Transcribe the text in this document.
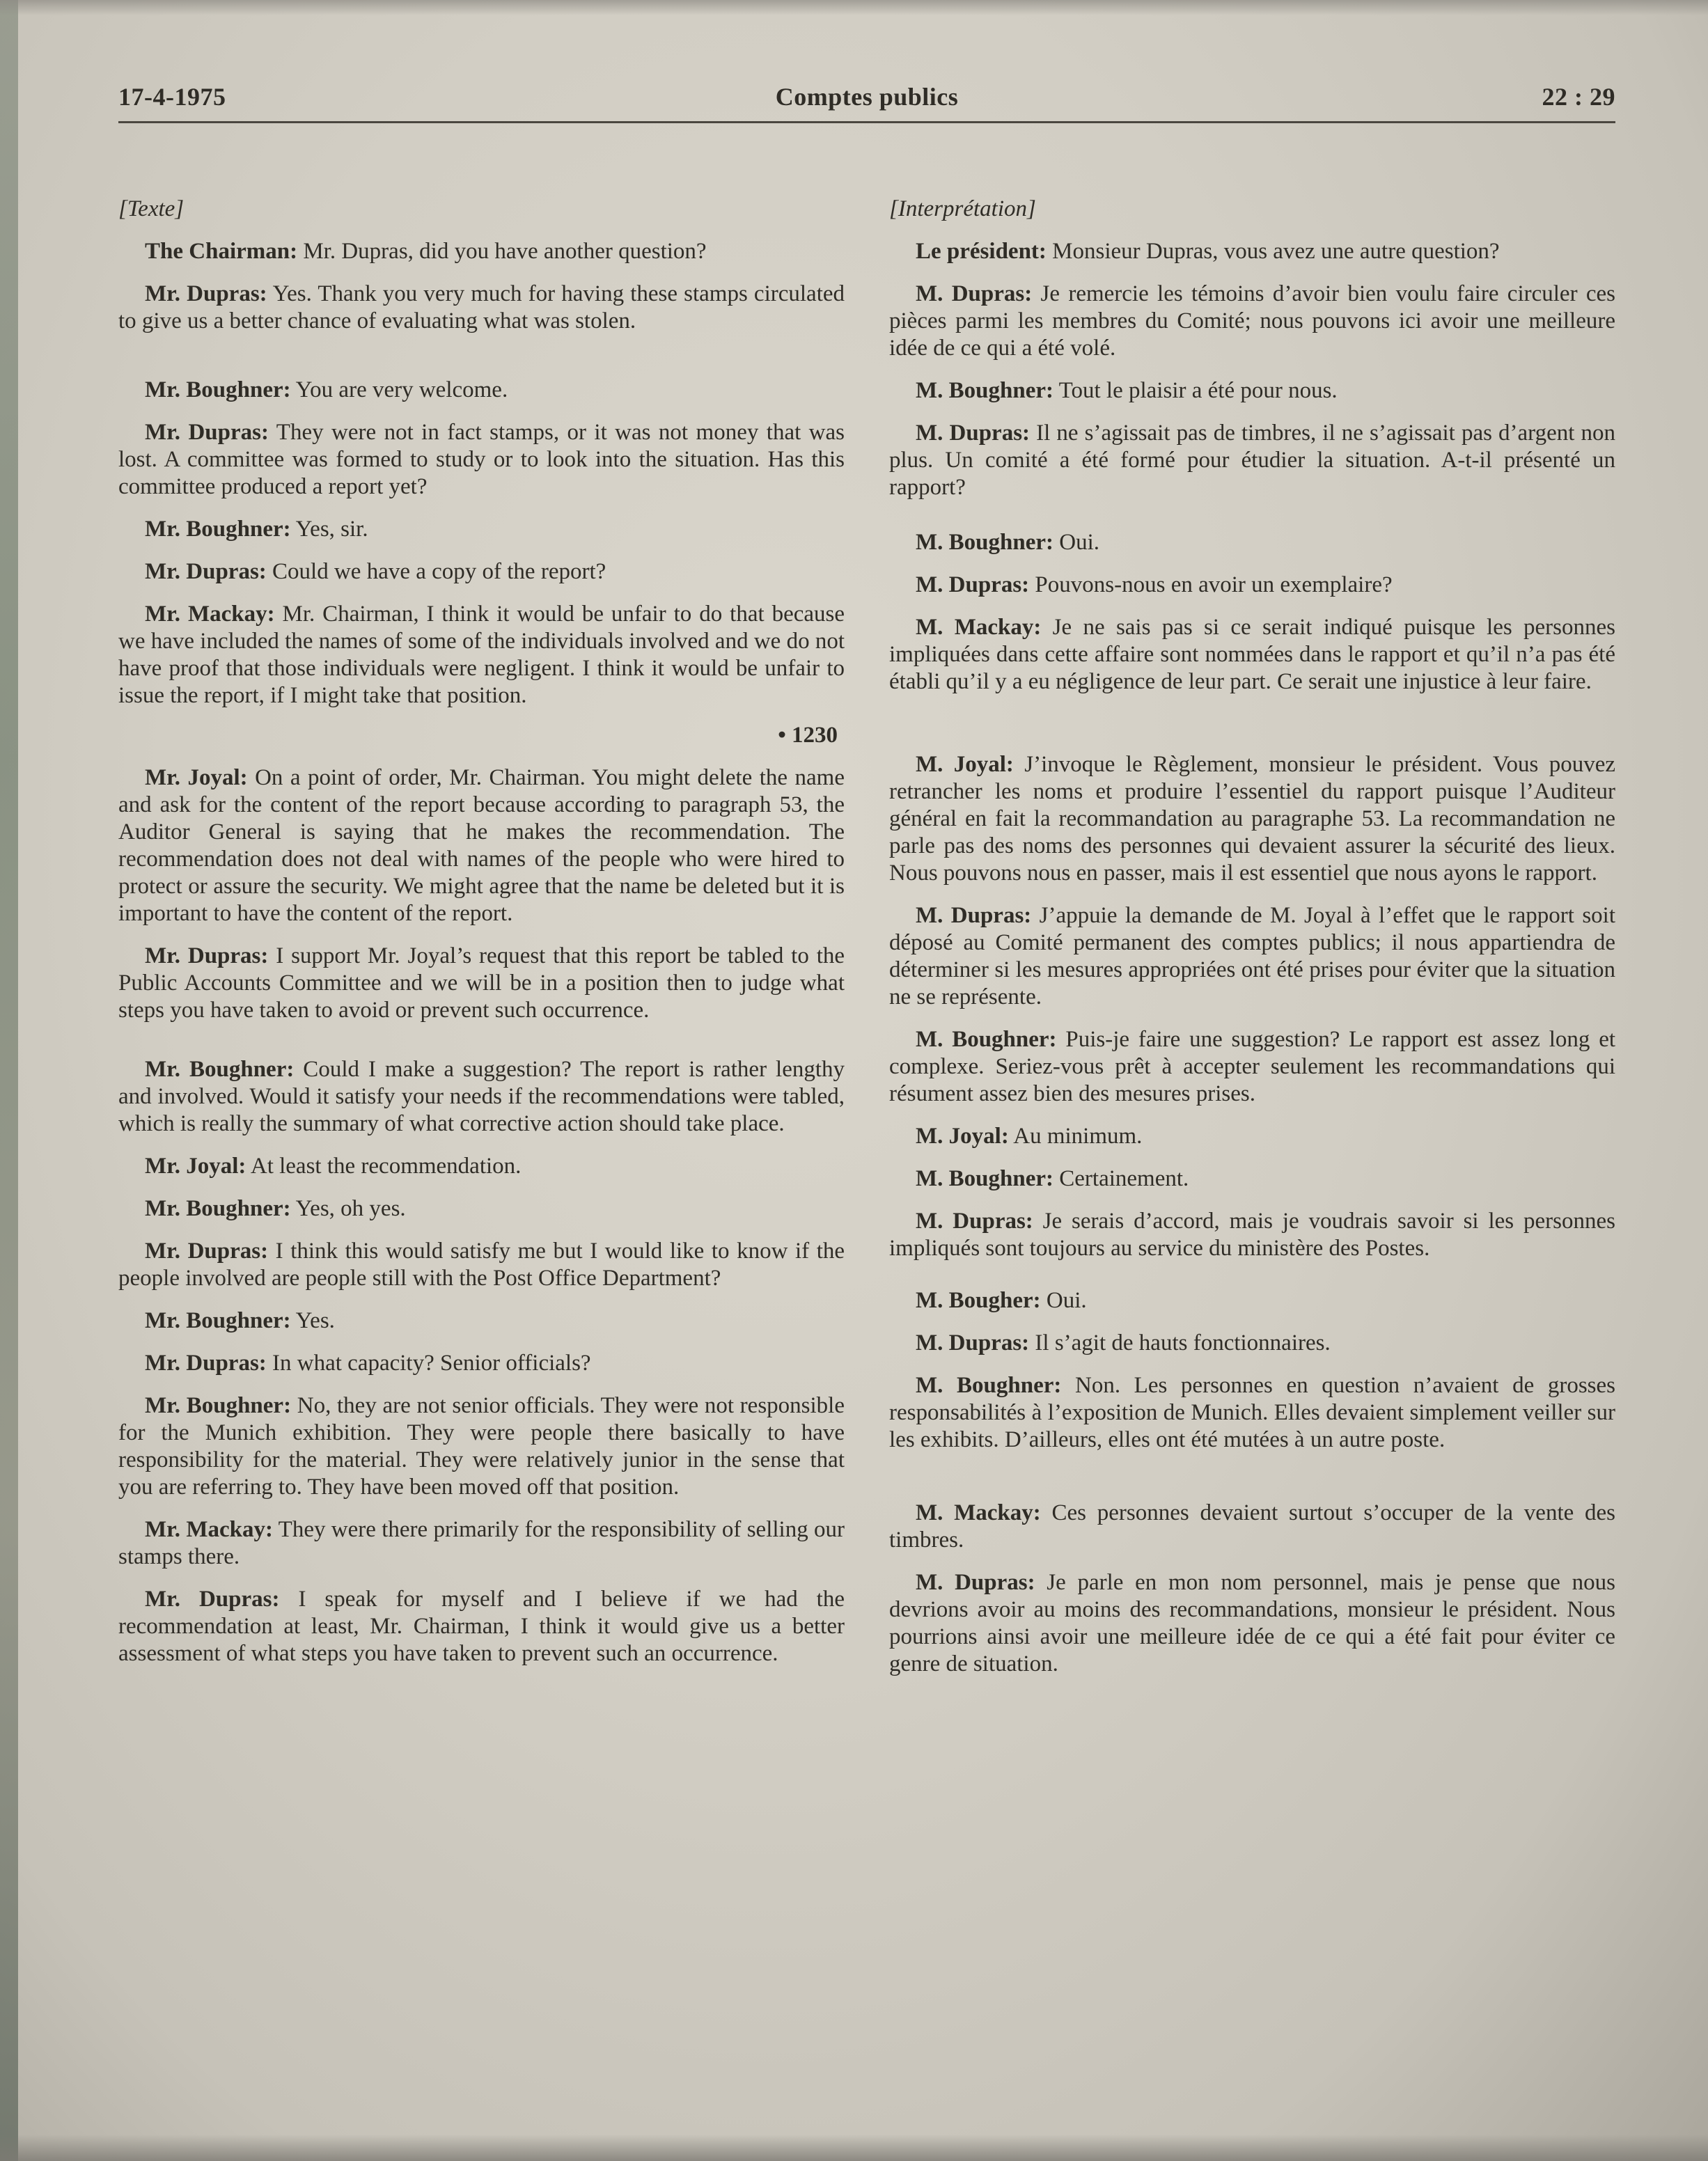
17-4-1975	Comptes publics	22 : 29
[Texte]

The Chairman: Mr. Dupras, did you have another question?

Mr. Dupras: Yes. Thank you very much for having these stamps circulated to give us a better chance of evaluating what was stolen.

Mr. Boughner: You are very welcome.

Mr. Dupras: They were not in fact stamps, or it was not money that was lost. A committee was formed to study or to look into the situation. Has this committee produced a report yet?

Mr. Boughner: Yes, sir.

Mr. Dupras: Could we have a copy of the report?

Mr. Mackay: Mr. Chairman, I think it would be unfair to do that because we have included the names of some of the individuals involved and we do not have proof that those individuals were negligent. I think it would be unfair to issue the report, if I might take that position.

• 1230

Mr. Joyal: On a point of order, Mr. Chairman. You might delete the name and ask for the content of the report because according to paragraph 53, the Auditor General is saying that he makes the recommendation. The recommendation does not deal with names of the people who were hired to protect or assure the security. We might agree that the name be deleted but it is important to have the content of the report.

Mr. Dupras: I support Mr. Joyal’s request that this report be tabled to the Public Accounts Committee and we will be in a position then to judge what steps you have taken to avoid or prevent such occurrence.

Mr. Boughner: Could I make a suggestion? The report is rather lengthy and involved. Would it satisfy your needs if the recommendations were tabled, which is really the summary of what corrective action should take place.

Mr. Joyal: At least the recommendation.

Mr. Boughner: Yes, oh yes.

Mr. Dupras: I think this would satisfy me but I would like to know if the people involved are people still with the Post Office Department?

Mr. Boughner: Yes.

Mr. Dupras: In what capacity? Senior officials?

Mr. Boughner: No, they are not senior officials. They were not responsible for the Munich exhibition. They were people there basically to have responsibility for the material. They were relatively junior in the sense that you are referring to. They have been moved off that position.

Mr. Mackay: They were there primarily for the responsibility of selling our stamps there.

Mr. Dupras: I speak for myself and I believe if we had the recommendation at least, Mr. Chairman, I think it would give us a better assessment of what steps you have taken to prevent such an occurrence.

[Interprétation]

Le président: Monsieur Dupras, vous avez une autre question?

M. Dupras: Je remercie les témoins d’avoir bien voulu faire circuler ces pièces parmi les membres du Comité; nous pouvons ici avoir une meilleure idée de ce qui a été volé.

M. Boughner: Tout le plaisir a été pour nous.

M. Dupras: Il ne s’agissait pas de timbres, il ne s’agissait pas d’argent non plus. Un comité a été formé pour étudier la situation. A-t-il présenté un rapport?

M. Boughner: Oui.

M. Dupras: Pouvons-nous en avoir un exemplaire?

M. Mackay: Je ne sais pas si ce serait indiqué puisque les personnes impliquées dans cette affaire sont nommées dans le rapport et qu’il n’a pas été établi qu’il y a eu négligence de leur part. Ce serait une injustice à leur faire.

M. Joyal: J’invoque le Règlement, monsieur le président. Vous pouvez retrancher les noms et produire l’essentiel du rapport puisque l’Auditeur général en fait la recommandation au paragraphe 53. La recommandation ne parle pas des noms des personnes qui devaient assurer la sécurité des lieux. Nous pouvons nous en passer, mais il est essentiel que nous ayons le rapport.

M. Dupras: J’appuie la demande de M. Joyal à l’effet que le rapport soit déposé au Comité permanent des comptes publics; il nous appartiendra de déterminer si les mesures appropriées ont été prises pour éviter que la situation ne se représente.

M. Boughner: Puis-je faire une suggestion? Le rapport est assez long et complexe. Seriez-vous prêt à accepter seulement les recommandations qui résument assez bien des mesures prises.

M. Joyal: Au minimum.

M. Boughner: Certainement.

M. Dupras: Je serais d’accord, mais je voudrais savoir si les personnes impliqués sont toujours au service du ministère des Postes.

M. Bougher: Oui.

M. Dupras: Il s’agit de hauts fonctionnaires.

M. Boughner: Non. Les personnes en question n’avaient de grosses responsabilités à l’exposition de Munich. Elles devaient simplement veiller sur les exhibits. D’ailleurs, elles ont été mutées à un autre poste.

M. Mackay: Ces personnes devaient surtout s’occuper de la vente des timbres.

M. Dupras: Je parle en mon nom personnel, mais je pense que nous devrions avoir au moins des recommandations, monsieur le président. Nous pourrions ainsi avoir une meilleure idée de ce qui a été fait pour éviter ce genre de situation.
